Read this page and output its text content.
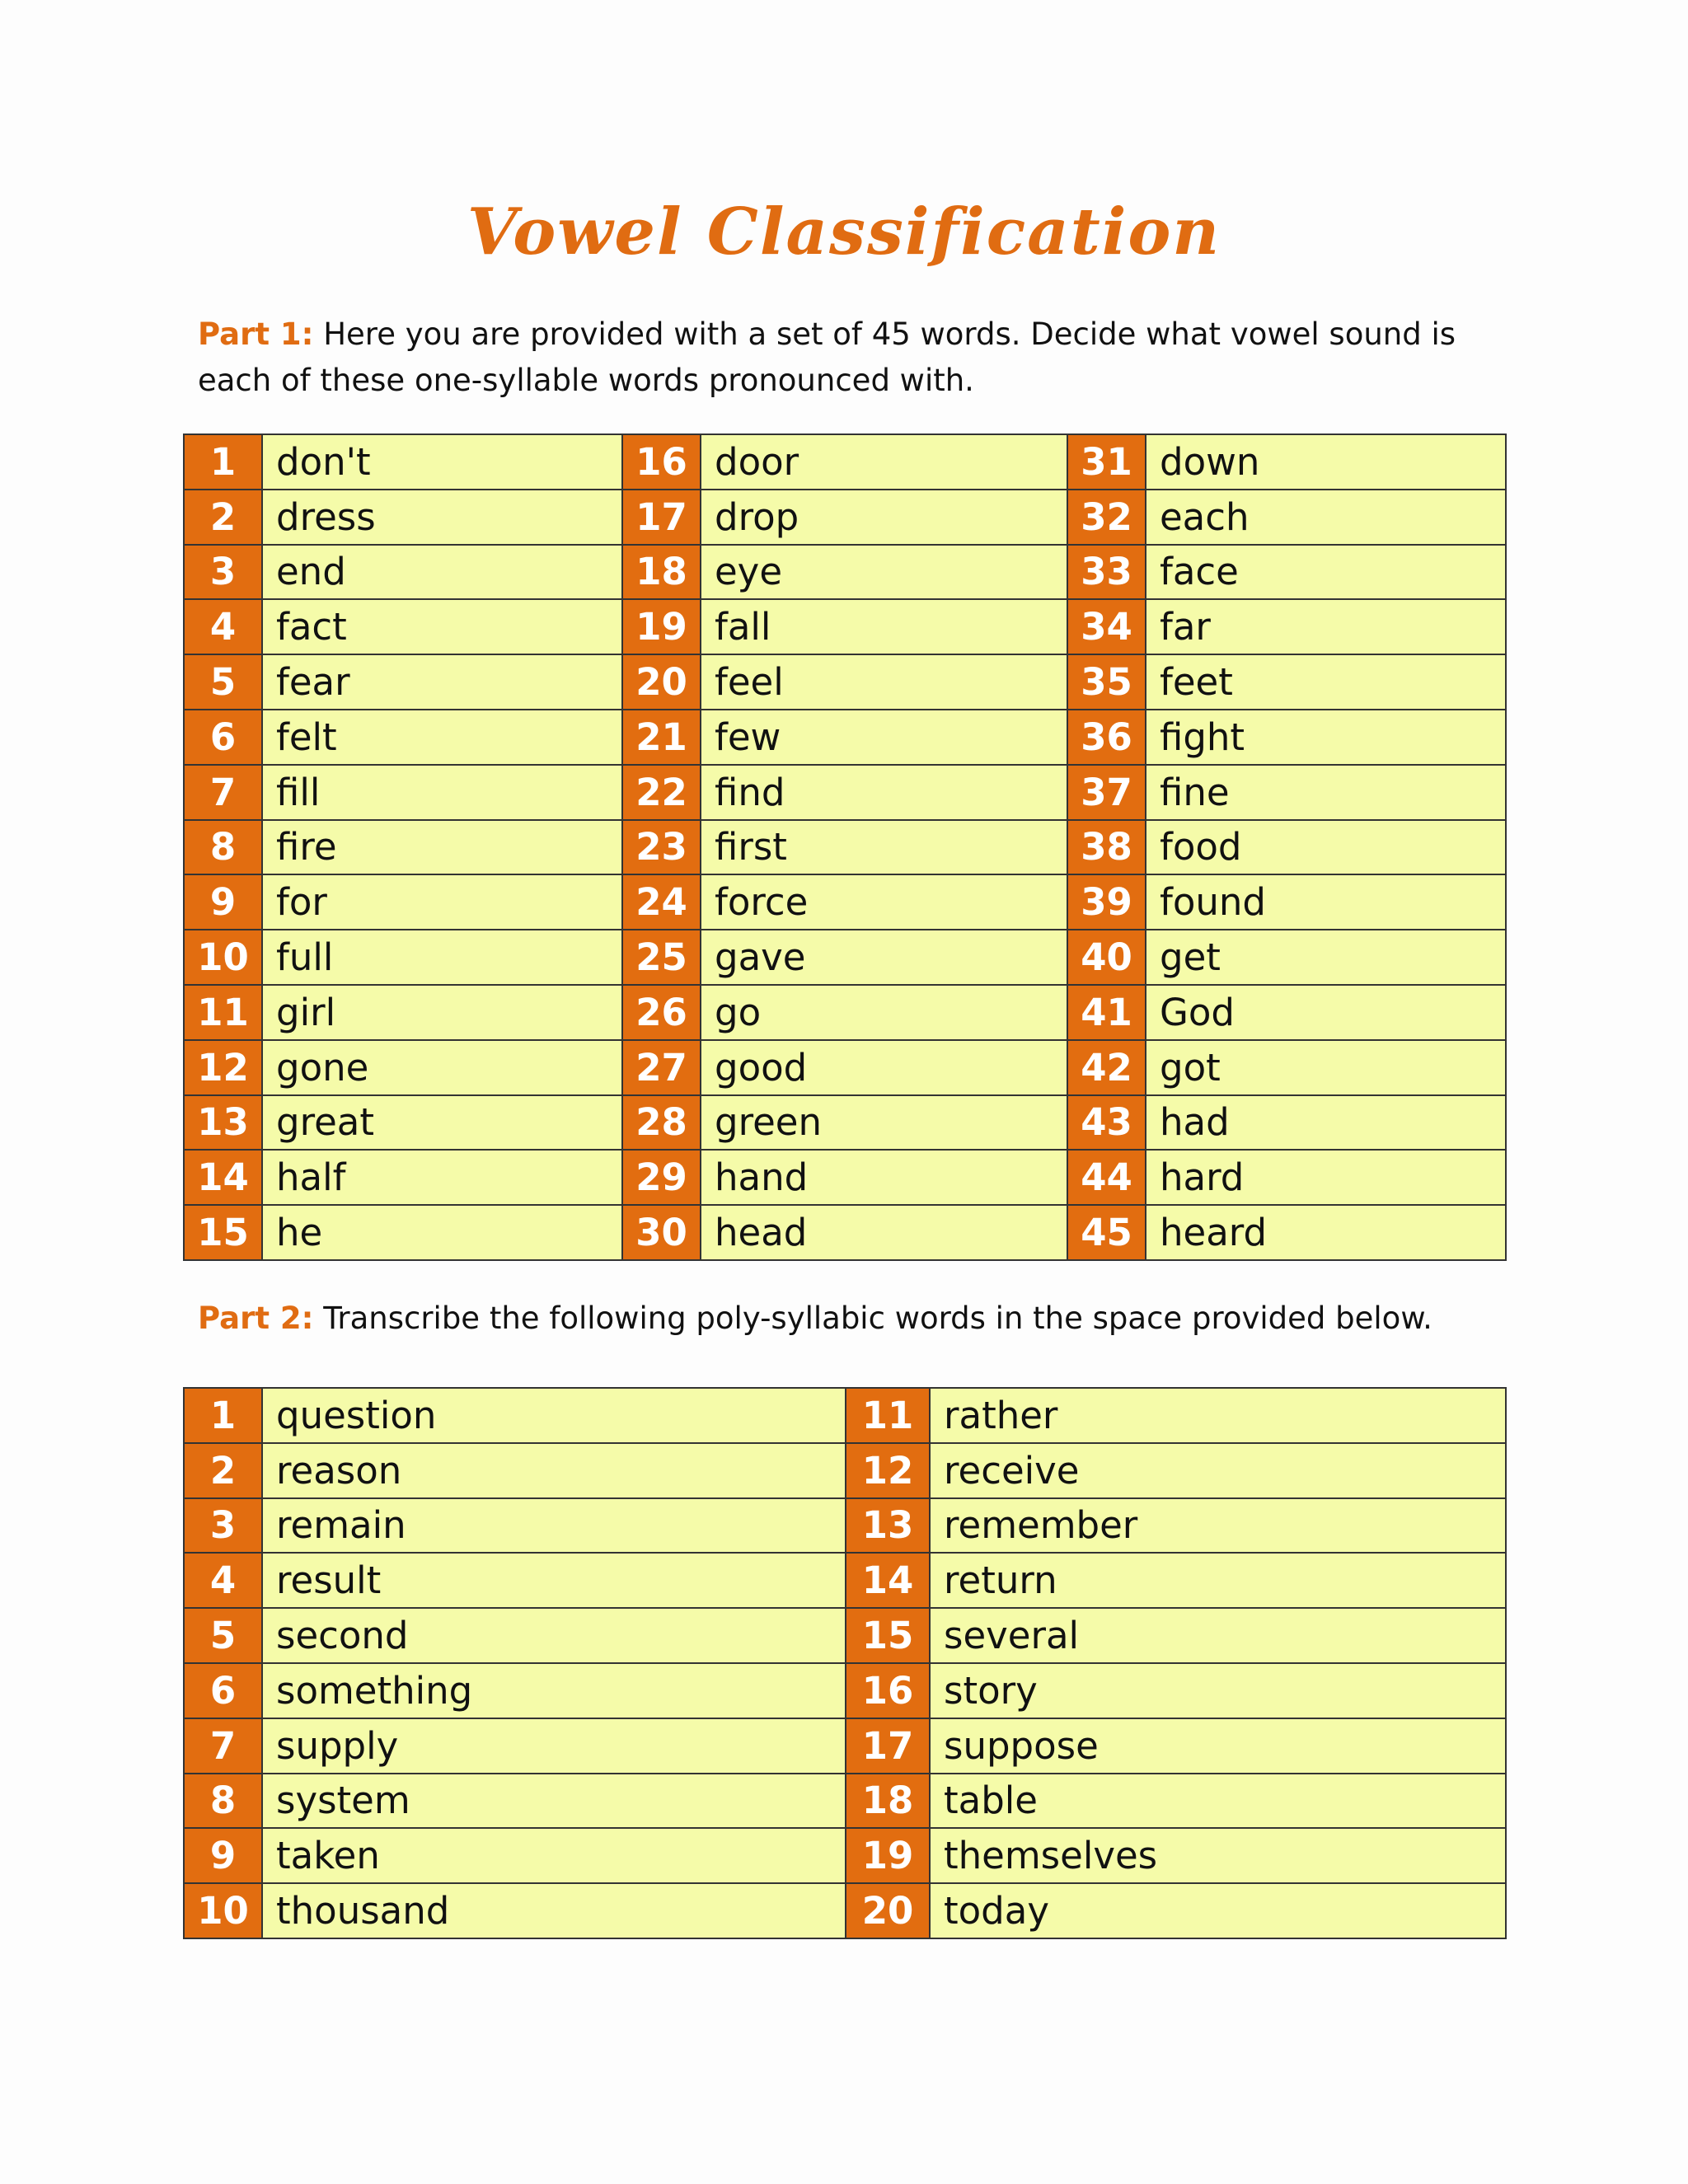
Vowel Classification
Part 1: Here you are provided with a set of 45 words. Decide what vowel sound is each of these one-syllable words pronounced with.
1	don't	16	door	31	down
2	dress	17	drop	32	each
3	end	18	eye	33	face
4	fact	19	fall	34	far
5	fear	20	feel	35	feet
6	felt	21	few	36	fight
7	fill	22	find	37	fine
8	fire	23	first	38	food
9	for	24	force	39	found
10	full	25	gave	40	get
11	girl	26	go	41	God
12	gone	27	good	42	got
13	great	28	green	43	had
14	half	29	hand	44	hard
15	he	30	head	45	heard
Part 2: Transcribe the following poly-syllabic words in the space provided below.
1	question	11	rather
2	reason	12	receive
3	remain	13	remember
4	result	14	return
5	second	15	several
6	something	16	story
7	supply	17	suppose
8	system	18	table
9	taken	19	themselves
10	thousand	20	today
